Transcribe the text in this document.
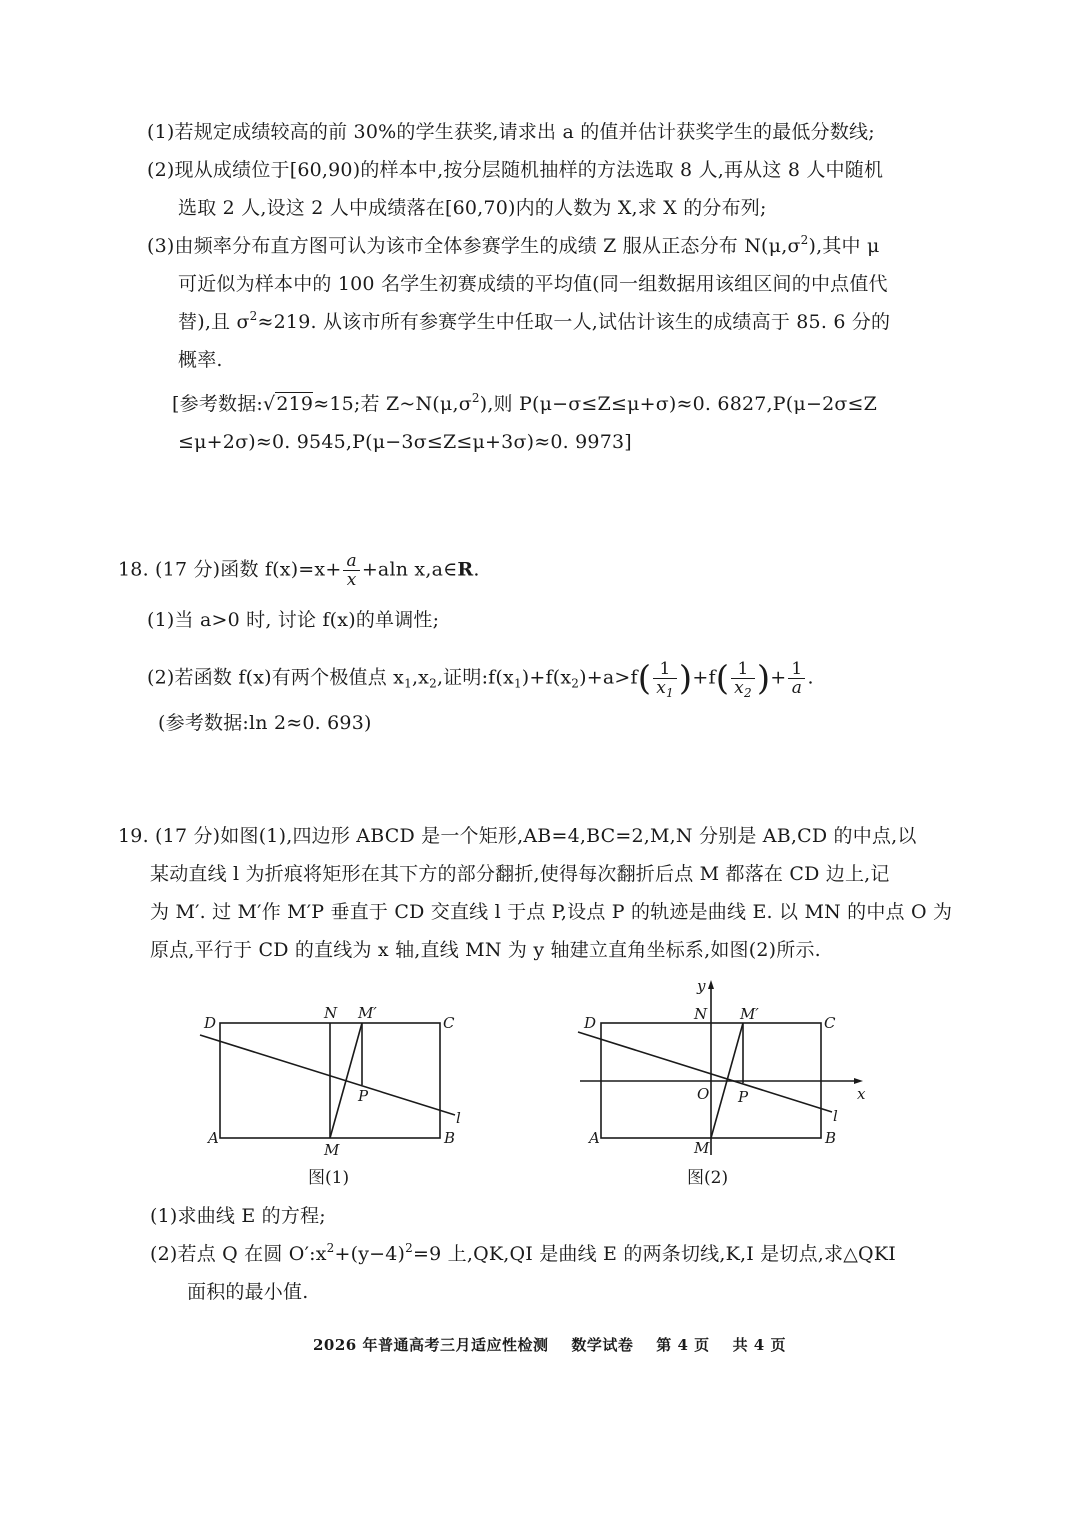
(1)若规定成绩较高的前 30%的学生获奖,请求出 a 的值并估计获奖学生的最低分数线;
(2)现从成绩位于[60,90)的样本中,按分层随机抽样的方法选取 8 人,再从这 8 人中随机
选取 2 人,设这 2 人中成绩落在[60,70)内的人数为 X,求 X 的分布列;
(3)由频率分布直方图可认为该市全体参赛学生的成绩 Z 服从正态分布 $N(\mu,\sigma^2)$,其中 μ
可近似为样本中的 100 名学生初赛成绩的平均值(同一组数据用该组区间的中点值代
替),且 $\sigma^2\approx 219$. 从该市所有参赛学生中任取一人,试估计该生的成绩高于 85. 6 分的
概率.
[参考数据:√219≈15;若 $Z\sim N(\mu,\sigma^2)$,则 P(μ−σ≤Z≤μ+σ)≈0. 6827,P(μ−2σ≤Z
≤μ+2σ)≈0. 9545,P(μ−3σ≤Z≤μ+3σ)≈0. 9973]
18. (17 分)函数 $f(x)=x+ \frac{a}{x} +aln$ x,a∈R.
(1)当 a>0 时, 讨论 f(x)的单调性;
(2)若函数 f(x)有两个极值点 $x_1,x_2$,证明$:f(x_1)+f(x_2)+a>f( \frac{1}{x_1} )+f( \frac{1}{x_2}$ )+ $\frac{1}{a}$ .
(参考数据:ln 2≈0. 693)
19. (17 分)如图(1),四边形 ABCD 是一个矩形,AB=4,BC=2,M,N 分别是 AB,CD 的中点,以
某动直线 l 为折痕将矩形在其下方的部分翻折,使得每次翻折后点 M 都落在 CD 边上,记
为 M′. 过 M′作 M′P 垂直于 CD 交直线 l 于点 P,设点 P 的轨迹是曲线 E. 以 MN 的中点 O 为
原点,平行于 CD 的直线为 x 轴,直线 MN 为 y 轴建立直角坐标系,如图(2)所示.
D	C
A	B
N M′
M
P
l
图(1)
D	C
A	B
N M′
M
P
O	x
y
l
图(2)
(1)求曲线 E 的方程;
(2)若点 Q 在圆 $O':x^2+(y-4)^2=9$ 上,QK,QI 是曲线 E 的两条切线,K,I 是切点,求△QKI
面积的最小值.
2026 年普通高考三月适应性检测 数学试卷 第 4 页 共 4 页
